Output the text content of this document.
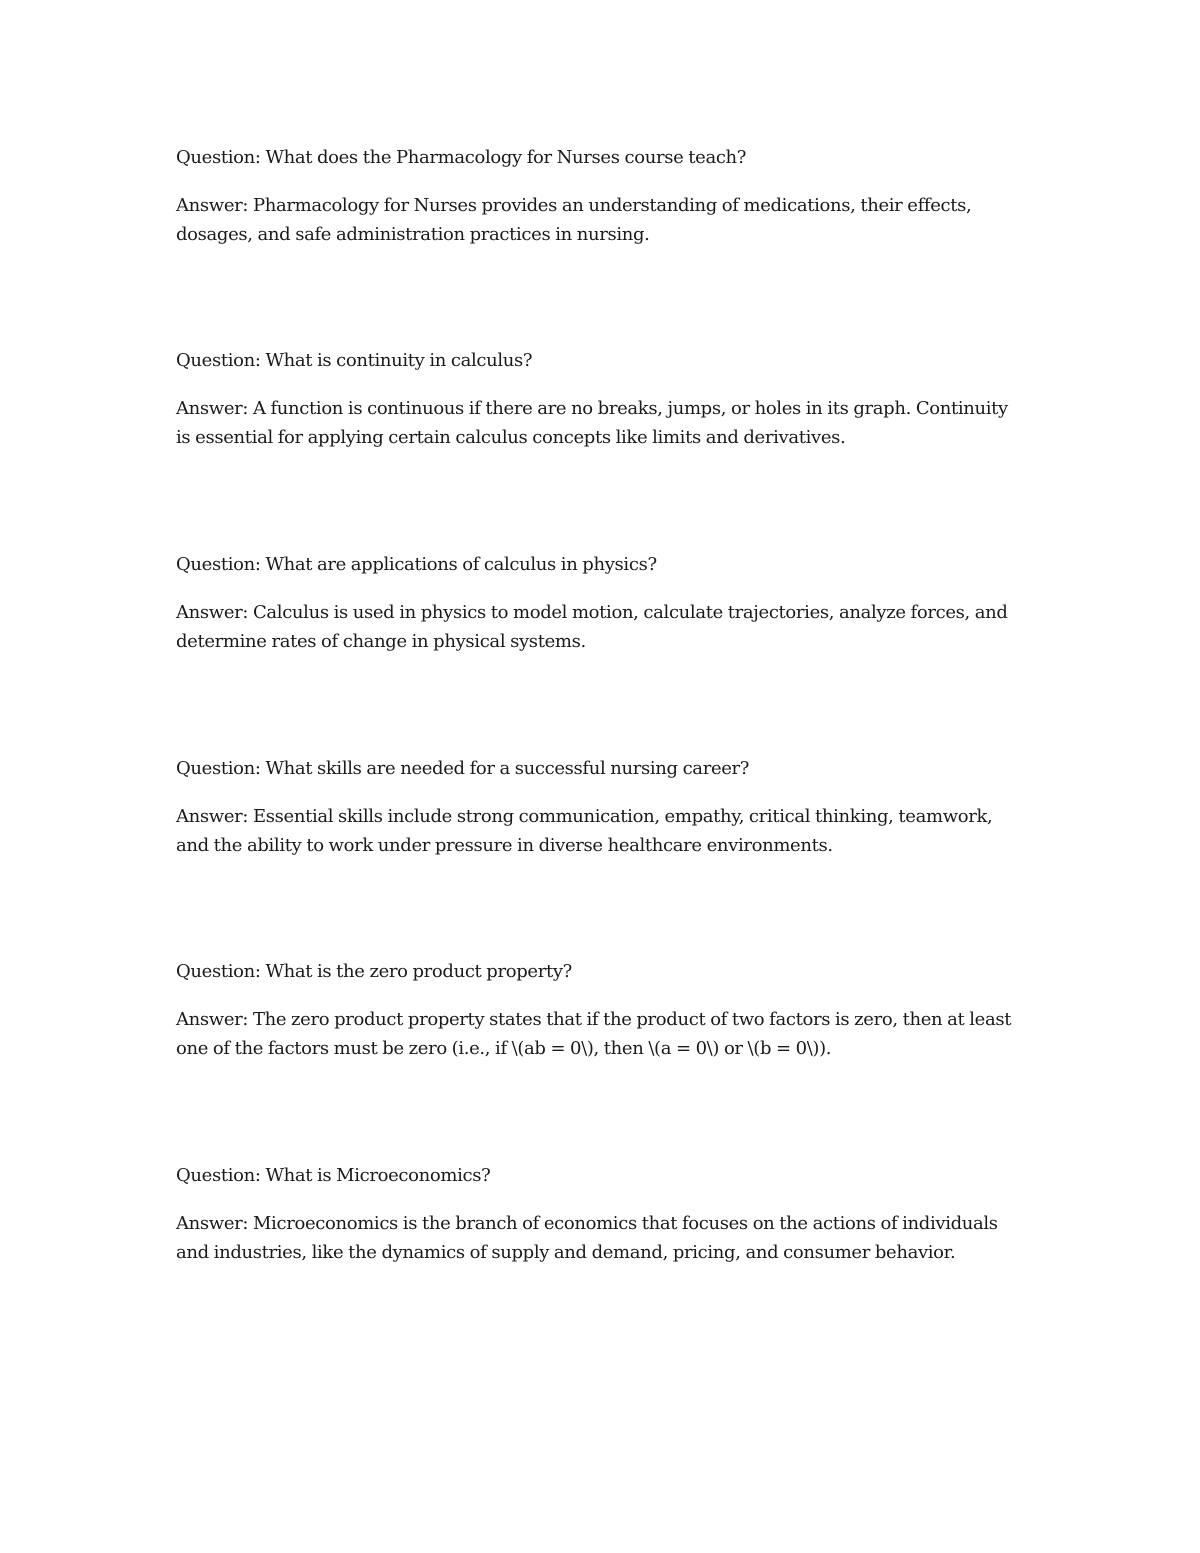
Question: What does the Pharmacology for Nurses course teach?

Answer: Pharmacology for Nurses provides an understanding of medications, their effects, dosages, and safe administration practices in nursing.

Question: What is continuity in calculus?

Answer: A function is continuous if there are no breaks, jumps, or holes in its graph. Continuity is essential for applying certain calculus concepts like limits and derivatives.

Question: What are applications of calculus in physics?

Answer: Calculus is used in physics to model motion, calculate trajectories, analyze forces, and determine rates of change in physical systems.

Question: What skills are needed for a successful nursing career?

Answer: Essential skills include strong communication, empathy, critical thinking, teamwork, and the ability to work under pressure in diverse healthcare environments.

Question: What is the zero product property?

Answer: The zero product property states that if the product of two factors is zero, then at least one of the factors must be zero (i.e., if \(ab = 0\), then \(a = 0\) or \(b = 0\)).

Question: What is Microeconomics?

Answer: Microeconomics is the branch of economics that focuses on the actions of individuals and industries, like the dynamics of supply and demand, pricing, and consumer behavior.
